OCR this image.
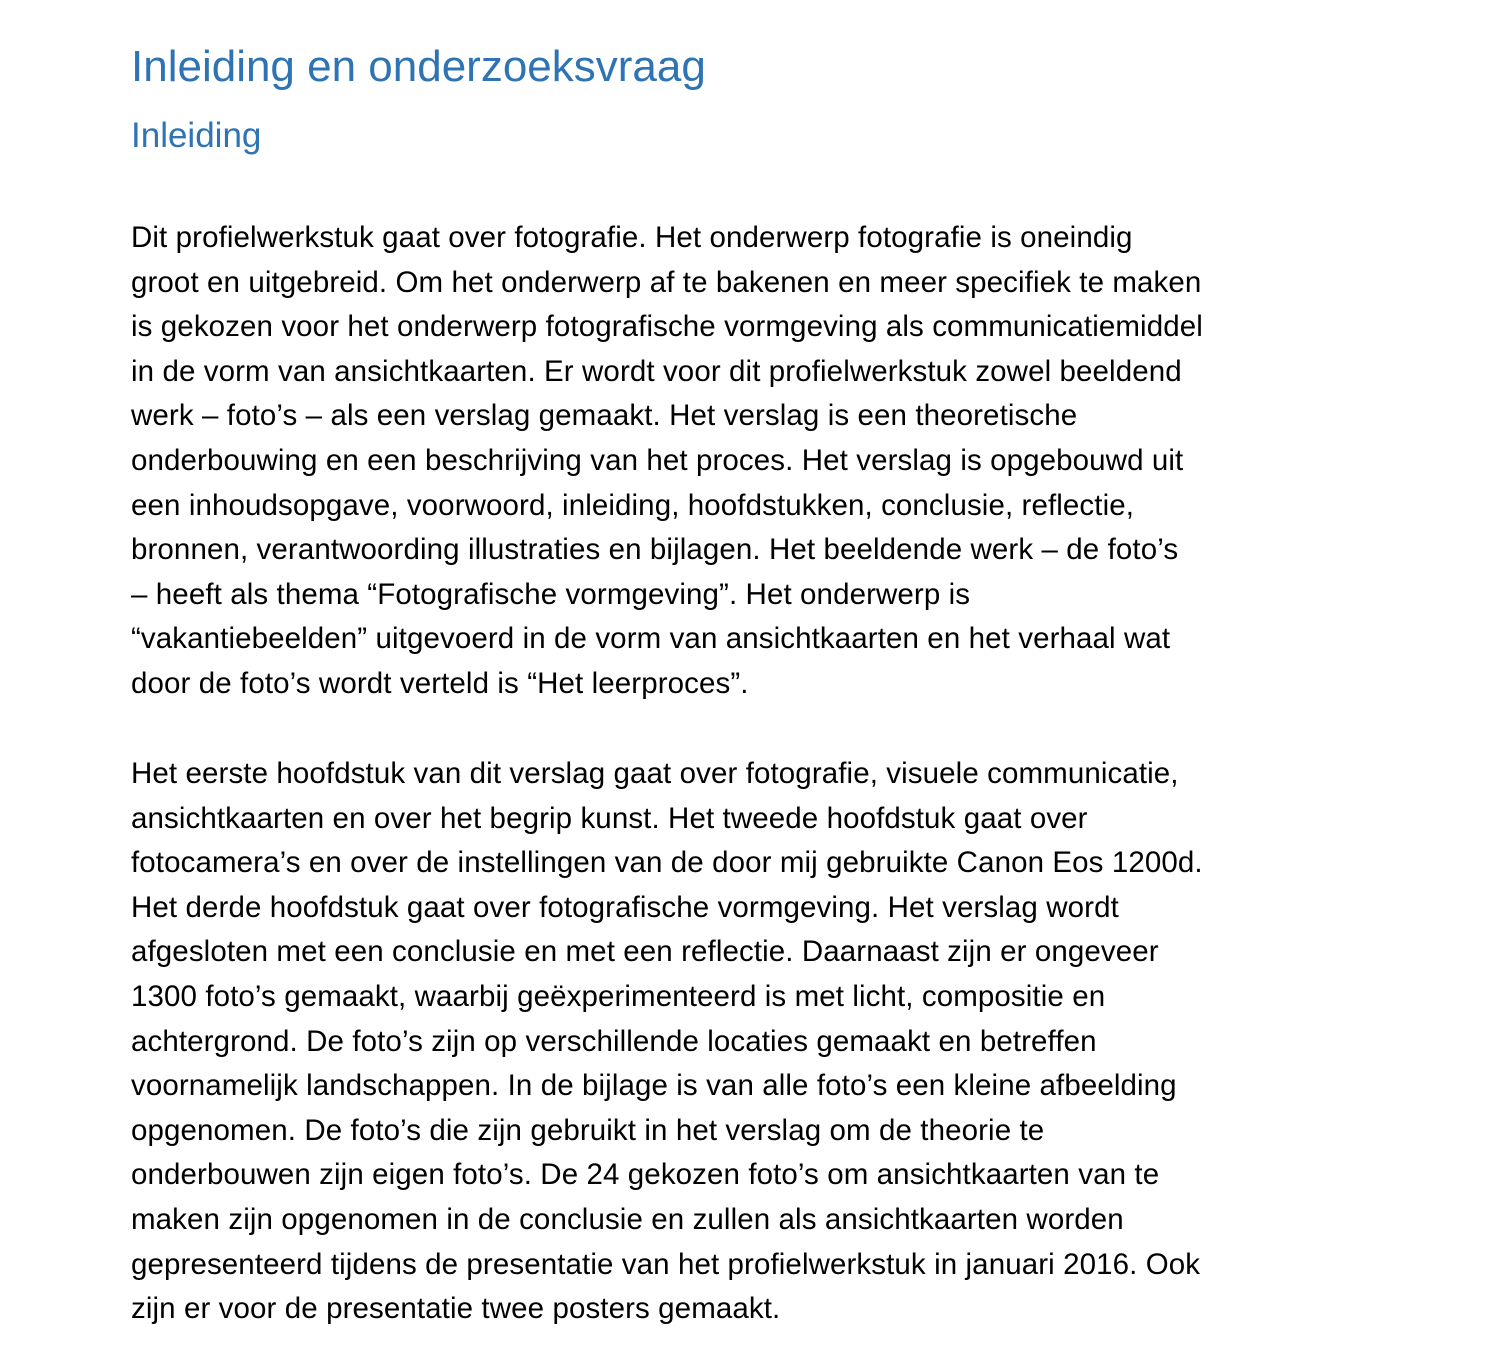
Inleiding en onderzoeksvraag
Inleiding

Dit profielwerkstuk gaat over fotografie. Het onderwerp fotografie is oneindig
groot en uitgebreid. Om het onderwerp af te bakenen en meer specifiek te maken
is gekozen voor het onderwerp fotografische vormgeving als communicatiemiddel
in de vorm van ansichtkaarten. Er wordt voor dit profielwerkstuk zowel beeldend
werk – foto’s – als een verslag gemaakt. Het verslag is een theoretische
onderbouwing en een beschrijving van het proces. Het verslag is opgebouwd uit
een inhoudsopgave, voorwoord, inleiding, hoofdstukken, conclusie, reflectie,
bronnen, verantwoording illustraties en bijlagen. Het beeldende werk – de foto’s
– heeft als thema “Fotografische vormgeving”. Het onderwerp is
“vakantiebeelden” uitgevoerd in de vorm van ansichtkaarten en het verhaal wat
door de foto’s wordt verteld is “Het leerproces”.

Het eerste hoofdstuk van dit verslag gaat over fotografie, visuele communicatie,
ansichtkaarten en over het begrip kunst. Het tweede hoofdstuk gaat over
fotocamera’s en over de instellingen van de door mij gebruikte Canon Eos 1200d.
Het derde hoofdstuk gaat over fotografische vormgeving. Het verslag wordt
afgesloten met een conclusie en met een reflectie. Daarnaast zijn er ongeveer
1300 foto’s gemaakt, waarbij geëxperimenteerd is met licht, compositie en
achtergrond. De foto’s zijn op verschillende locaties gemaakt en betreffen
voornamelijk landschappen. In de bijlage is van alle foto’s een kleine afbeelding
opgenomen. De foto’s die zijn gebruikt in het verslag om de theorie te
onderbouwen zijn eigen foto’s. De 24 gekozen foto’s om ansichtkaarten van te
maken zijn opgenomen in de conclusie en zullen als ansichtkaarten worden
gepresenteerd tijdens de presentatie van het profielwerkstuk in januari 2016. Ook
zijn er voor de presentatie twee posters gemaakt.
